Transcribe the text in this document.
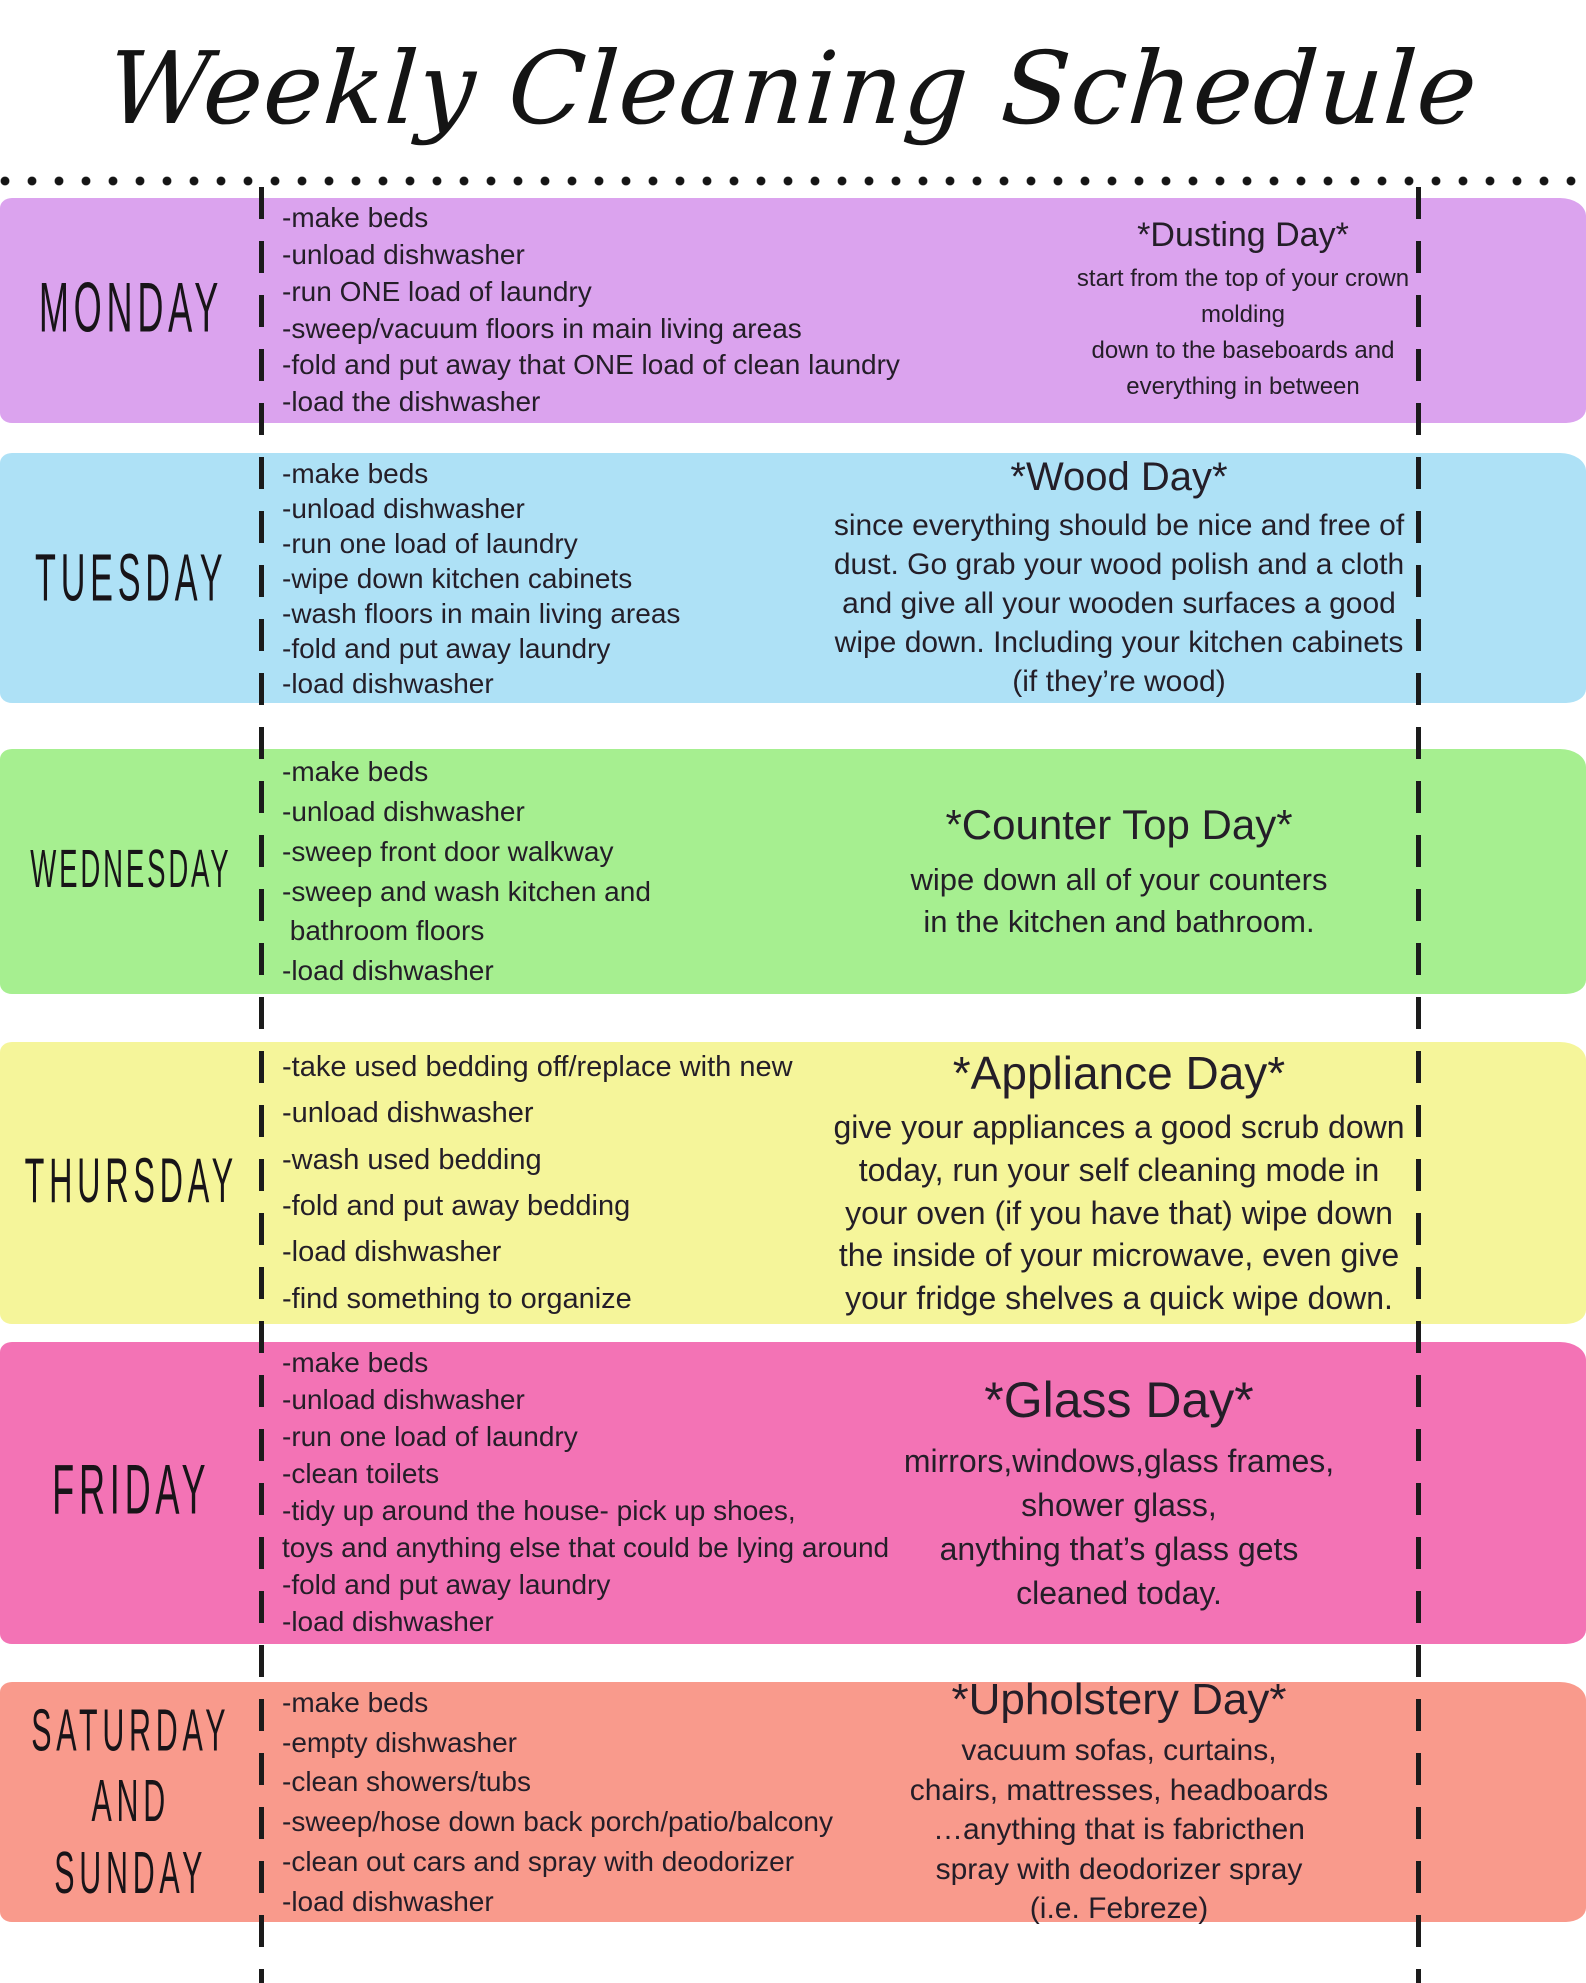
Weekly Cleaning Schedule
MONDAY
-make beds
-unload dishwasher
-run ONE load of laundry
-sweep/vacuum floors in main living areas
-fold and put away that ONE load of clean laundry
-load the dishwasher
*Dusting Day*
start from the top of your crown
molding
down to the baseboards and
everything in between
TUESDAY
-make beds
-unload dishwasher
-run one load of laundry
-wipe down kitchen cabinets
-wash floors in main living areas
-fold and put away laundry
-load dishwasher
*Wood Day*
since everything should be nice and free of
dust. Go grab your wood polish and a cloth
and give all your wooden surfaces a good
wipe down. Including your kitchen cabinets
(if they’re wood)
WEDNESDAY
-make beds
-unload dishwasher
-sweep front door walkway
-sweep and wash kitchen and
bathroom floors
-load dishwasher
*Counter Top Day*
wipe down all of your counters
in the kitchen and bathroom.
THURSDAY
-take used bedding off/replace with new
-unload dishwasher
-wash used bedding
-fold and put away bedding
-load dishwasher
-find something to organize
*Appliance Day*
give your appliances a good scrub down
today, run your self cleaning mode in
your oven (if you have that) wipe down
the inside of your microwave, even give
your fridge shelves a quick wipe down.
FRIDAY
-make beds
-unload dishwasher
-run one load of laundry
-clean toilets
-tidy up around the house- pick up shoes,
toys and anything else that could be lying around
-fold and put away laundry
-load dishwasher
*Glass Day*
mirrors,windows,glass frames,
shower glass,
anything that’s glass gets
cleaned today.
SATURDAY
AND
SUNDAY
-make beds
-empty dishwasher
-clean showers/tubs
-sweep/hose down back porch/patio/balcony
-clean out cars and spray with deodorizer
-load dishwasher
*Upholstery Day*
vacuum sofas, curtains,
chairs, mattresses, headboards
…anything that is fabricthen
spray with deodorizer spray
(i.e. Febreze)
